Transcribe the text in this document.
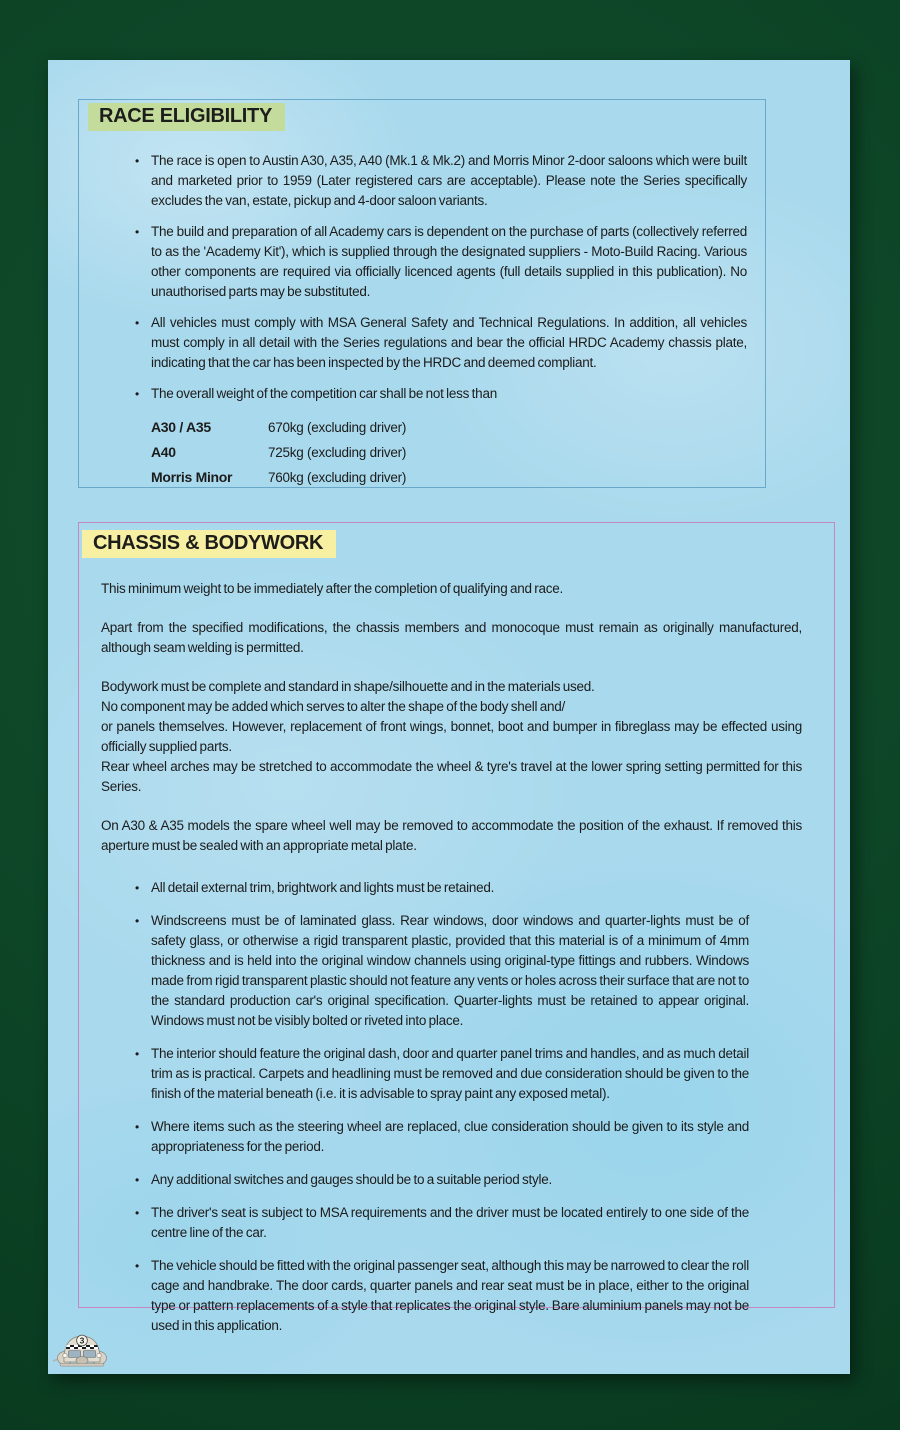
RACE ELIGIBILITY
• The race is open to Austin A30, A35, A40 (Mk.1 & Mk.2) and Morris Minor 2-door saloons which were built and marketed prior to 1959 (Later registered cars are acceptable). Please note the Series specifically excludes the van, estate, pickup and 4-door saloon variants.
• The build and preparation of all Academy cars is dependent on the purchase of parts (collectively referred to as the 'Academy Kit'), which is supplied through the designated suppliers - Moto-Build Racing. Various other components are required via officially licenced agents (full details supplied in this publication). No unauthorised parts may be substituted.
• All vehicles must comply with MSA General Safety and Technical Regulations. In addition, all vehicles must comply in all detail with the Series regulations and bear the official HRDC Academy chassis plate, indicating that the car has been inspected by the HRDC and deemed compliant.
• The overall weight of the competition car shall be not less than
A30 / A35	670kg (excluding driver)
A40	725kg (excluding driver)
Morris Minor	760kg (excluding driver)
CHASSIS & BODYWORK
This minimum weight to be immediately after the completion of qualifying and race.
Apart from the specified modifications, the chassis members and monocoque must remain as originally manufactured, although seam welding is permitted.
Bodywork must be complete and standard in shape/silhouette and in the materials used.
No component may be added which serves to alter the shape of the body shell and/
or panels themselves. However, replacement of front wings, bonnet, boot and bumper in fibreglass may be effected using officially supplied parts.
Rear wheel arches may be stretched to accommodate the wheel & tyre's travel at the lower spring setting permitted for this Series.
On A30 & A35 models the spare wheel well may be removed to accommodate the position of the exhaust. If removed this aperture must be sealed with an appropriate metal plate.
• All detail external trim, brightwork and lights must be retained.
• Windscreens must be of laminated glass. Rear windows, door windows and quarter-lights must be of safety glass, or otherwise a rigid transparent plastic, provided that this material is of a minimum of 4mm thickness and is held into the original window channels using original-type fittings and rubbers. Windows made from rigid transparent plastic should not feature any vents or holes across their surface that are not to the standard production car's original specification. Quarter-lights must be retained to appear original. Windows must not be visibly bolted or riveted into place.
• The interior should feature the original dash, door and quarter panel trims and handles, and as much detail trim as is practical. Carpets and headlining must be removed and due consideration should be given to the finish of the material beneath (i.e. it is advisable to spray paint any exposed metal).
• Where items such as the steering wheel are replaced, clue consideration should be given to its style and appropriateness for the period.
• Any additional switches and gauges should be to a suitable period style.
• The driver's seat is subject to MSA requirements and the driver must be located entirely to one side of the centre line of the car.
• The vehicle should be fitted with the original passenger seat, although this may be narrowed to clear the roll cage and handbrake. The door cards, quarter panels and rear seat must be in place, either to the original type or pattern replacements of a style that replicates the original style. Bare aluminium panels may not be used in this application.
3
